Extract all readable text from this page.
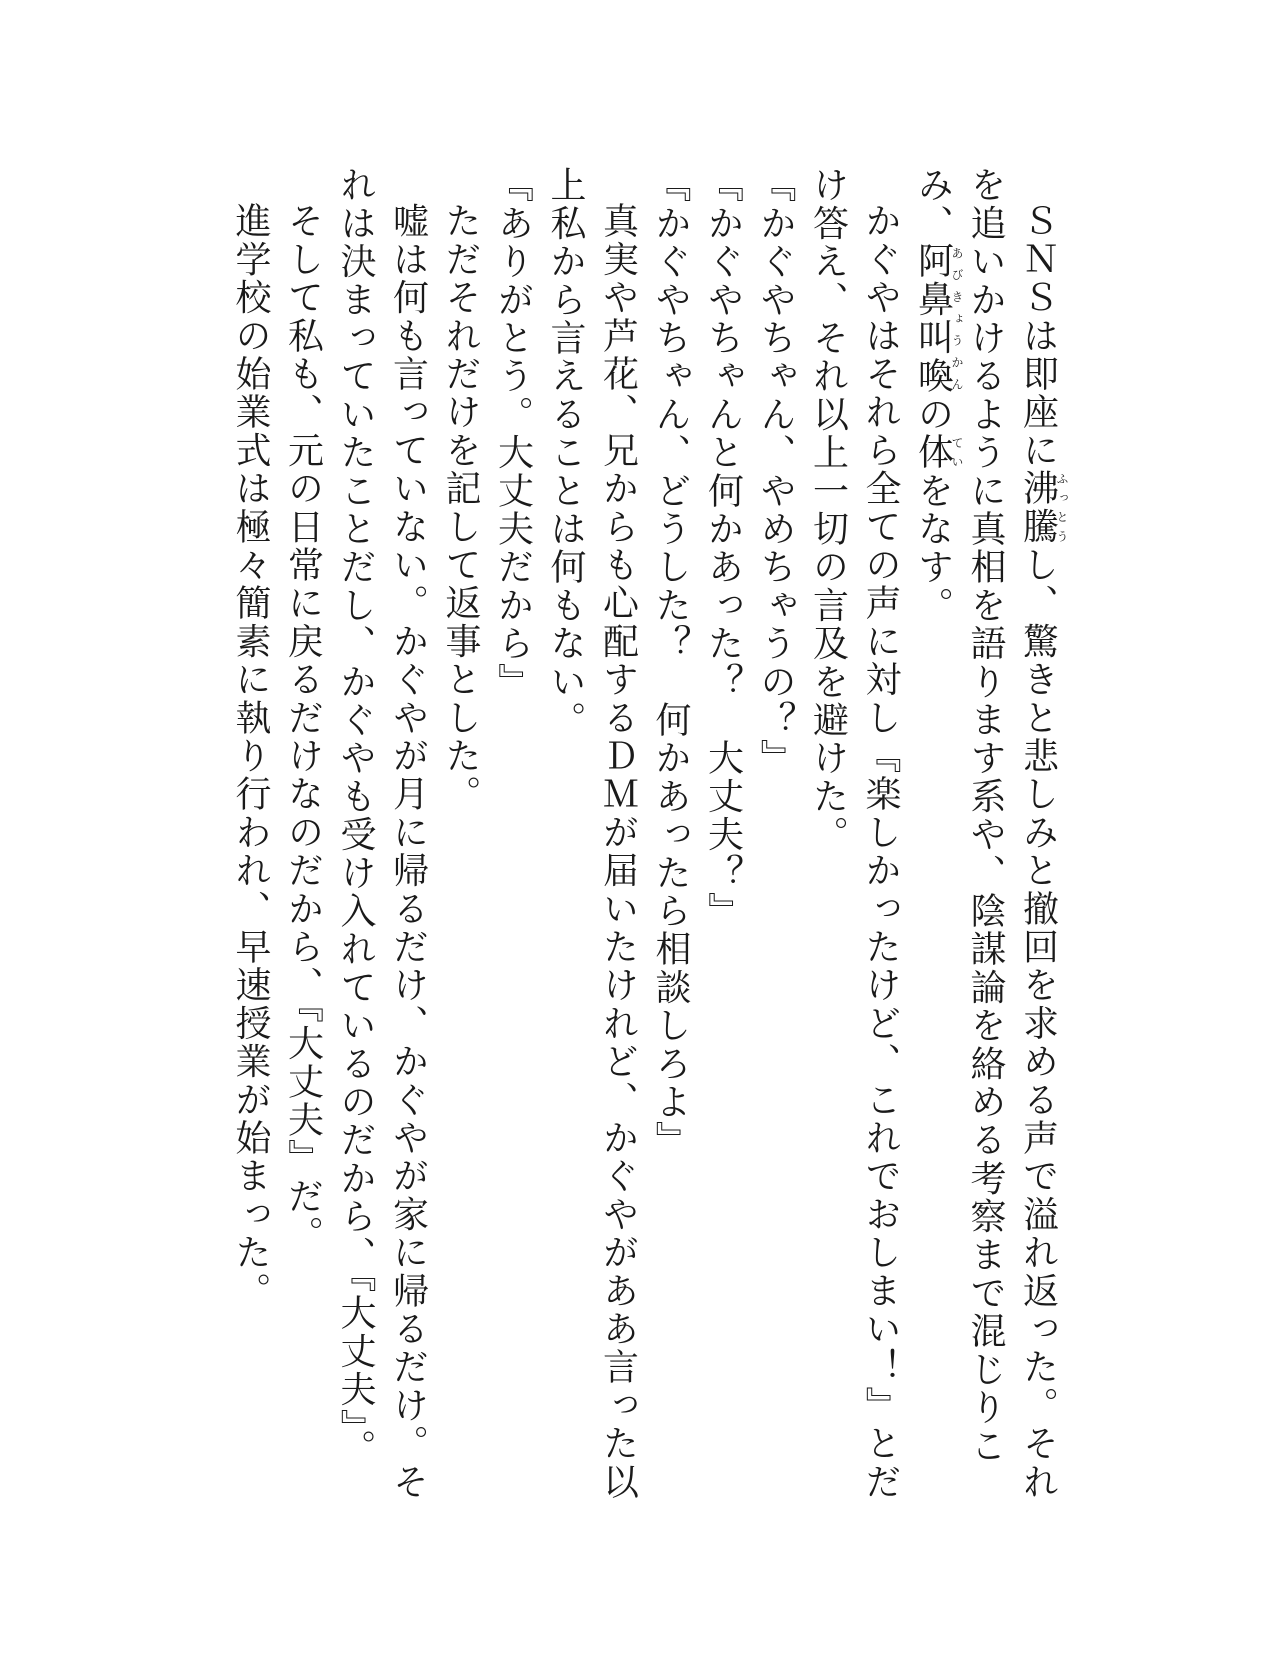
ＳＮＳは即座に沸騰ふっとうし、驚きと悲しみと撤回を求める声で溢れ返った。それを追いかけるように真相を語ります系や、陰謀論を絡める考察まで混じりこみ、阿鼻叫喚あびきょうかんの体ていをなす。

かぐやはそれら全ての声に対し『楽しかったけど、これでおしまい！』とだけ答え、それ以上一切の言及を避けた。

『かぐやちゃん、やめちゃうの？』

『かぐやちゃんと何かあった？　大丈夫？』

『かぐやちゃん、どうした？　何かあったら相談しろよ』

真実や芦花、兄からも心配するＤＭが届いたけれど、かぐやがああ言った以上私から言えることは何もない。

『ありがとう。大丈夫だから』

ただそれだけを記して返事とした。

嘘は何も言っていない。かぐやが月に帰るだけ、かぐやが家に帰るだけ。それは決まっていたことだし、かぐやも受け入れているのだから、『大丈夫』。

そして私も、元の日常に戻るだけなのだから、『大丈夫』だ。

進学校の始業式は極々簡素に執り行われ、早速授業が始まった。
